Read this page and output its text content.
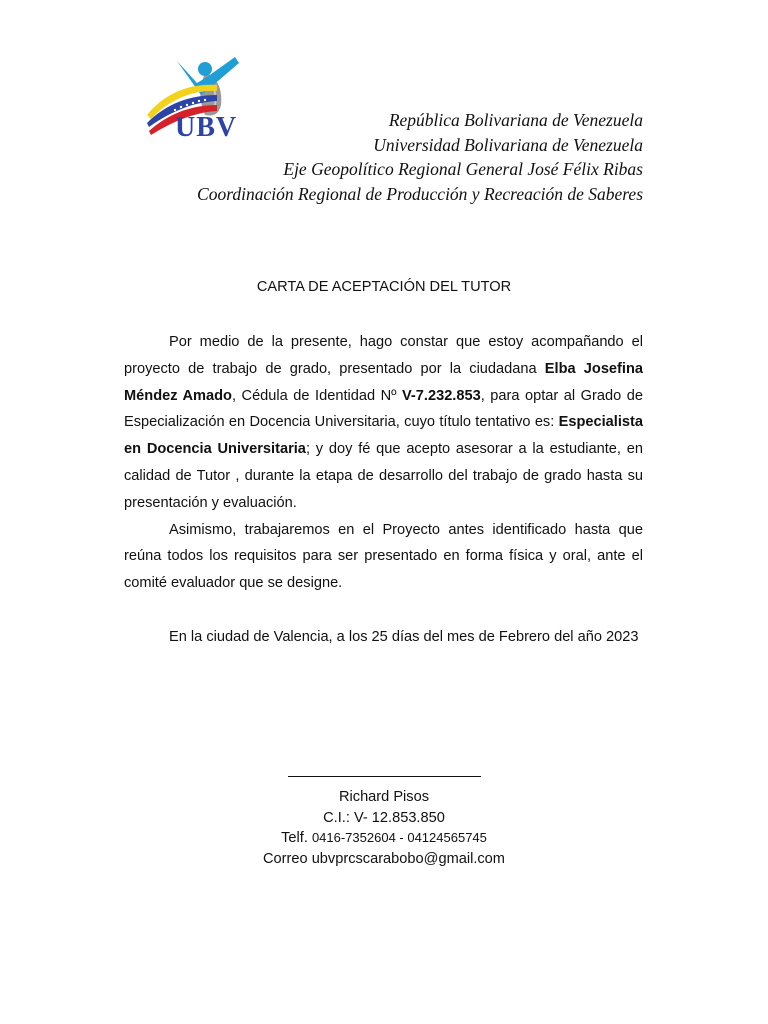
UBV	República Bolivariana de Venezuela
Universidad Bolivariana de Venezuela
Eje Geopolítico Regional General José Félix Ribas
Coordinación Regional de Producción y Recreación de Saberes
CARTA DE ACEPTACIÓN DEL TUTOR

Por medio de la presente, hago constar que estoy acompañando el proyecto de trabajo de grado, presentado por la ciudadana Elba Josefina Méndez Amado, Cédula de Identidad Nº V-7.232.853, para optar al Grado de Especialización en Docencia Universitaria, cuyo título tentativo es: Especialista en Docencia Universitaria; y doy fé que acepto asesorar a la estudiante, en calidad de Tutor , durante la etapa de desarrollo del trabajo de grado hasta su presentación y evaluación.

Asimismo, trabajaremos en el Proyecto antes identificado hasta que reúna todos los requisitos para ser presentado en forma física y oral, ante el comité evaluador que se designe.

En la ciudad de Valencia, a los 25 días del mes de Febrero del año 2023

Richard Pisos
C.I.: V- 12.853.850
Telf. 0416-7352604 - 04124565745
Correo ubvprcscarabobo@gmail.com
